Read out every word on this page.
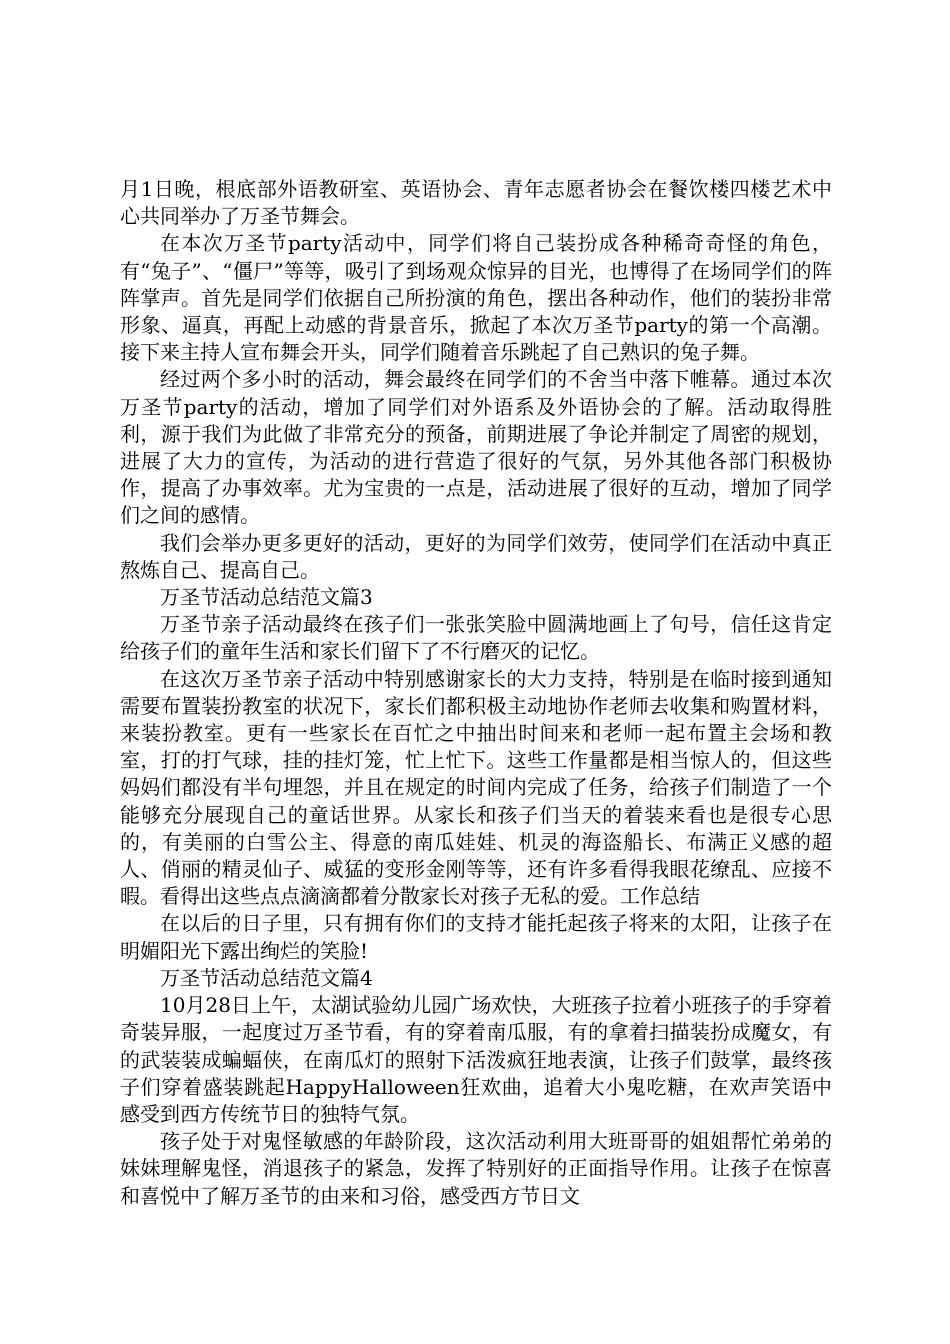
月1日晚，根底部外语教研室、英语协会、青年志愿者协会在餐饮楼四楼艺术中心共同举办了万圣节舞会。

在本次万圣节party活动中，同学们将自己装扮成各种稀奇奇怪的角色，有“兔子”、“僵尸”等等，吸引了到场观众惊异的目光，也博得了在场同学们的阵阵掌声。首先是同学们依据自己所扮演的角色，摆出各种动作，他们的装扮非常形象、逼真，再配上动感的背景音乐，掀起了本次万圣节party的第一个高潮。接下来主持人宣布舞会开头，同学们随着音乐跳起了自己熟识的兔子舞。

经过两个多小时的活动，舞会最终在同学们的不舍当中落下帷幕。通过本次万圣节party的活动，增加了同学们对外语系及外语协会的了解。活动取得胜利，源于我们为此做了非常充分的预备，前期进展了争论并制定了周密的规划，进展了大力的宣传，为活动的进行营造了很好的气氛，另外其他各部门积极协作，提高了办事效率。尤为宝贵的一点是，活动进展了很好的互动，增加了同学们之间的感情。

我们会举办更多更好的活动，更好的为同学们效劳，使同学们在活动中真正熬炼自己、提高自己。

万圣节活动总结范文篇3

万圣节亲子活动最终在孩子们一张张笑脸中圆满地画上了句号，信任这肯定给孩子们的童年生活和家长们留下了不行磨灭的记忆。

在这次万圣节亲子活动中特别感谢家长的大力支持，特别是在临时接到通知需要布置装扮教室的状况下，家长们都积极主动地协作老师去收集和购置材料，来装扮教室。更有一些家长在百忙之中抽出时间来和老师一起布置主会场和教室，打的打气球，挂的挂灯笼，忙上忙下。这些工作量都是相当惊人的，但这些妈妈们都没有半句埋怨，并且在规定的时间内完成了任务，给孩子们制造了一个能够充分展现自己的童话世界。从家长和孩子们当天的着装来看也是很专心思的，有美丽的白雪公主、得意的南瓜娃娃、机灵的海盗船长、布满正义感的超人、俏丽的精灵仙子、威猛的变形金刚等等，还有许多看得我眼花缭乱、应接不暇。看得出这些点点滴滴都着分散家长对孩子无私的爱。工作总结

在以后的日子里，只有拥有你们的支持才能托起孩子将来的太阳，让孩子在明媚阳光下露出绚烂的笑脸!

万圣节活动总结范文篇4

10月28日上午，太湖试验幼儿园广场欢快，大班孩子拉着小班孩子的手穿着奇装异服，一起度过万圣节看，有的穿着南瓜服，有的拿着扫描装扮成魔女，有的武装装成蝙蝠侠，在南瓜灯的照射下活泼疯狂地表演，让孩子们鼓掌，最终孩子们穿着盛装跳起HappyHalloween狂欢曲，追着大小鬼吃糖，在欢声笑语中感受到西方传统节日的独特气氛。

孩子处于对鬼怪敏感的年龄阶段，这次活动利用大班哥哥的姐姐帮忙弟弟的妹妹理解鬼怪，消退孩子的紧急，发挥了特别好的正面指导作用。让孩子在惊喜和喜悦中了解万圣节的由来和习俗，感受西方节日文
